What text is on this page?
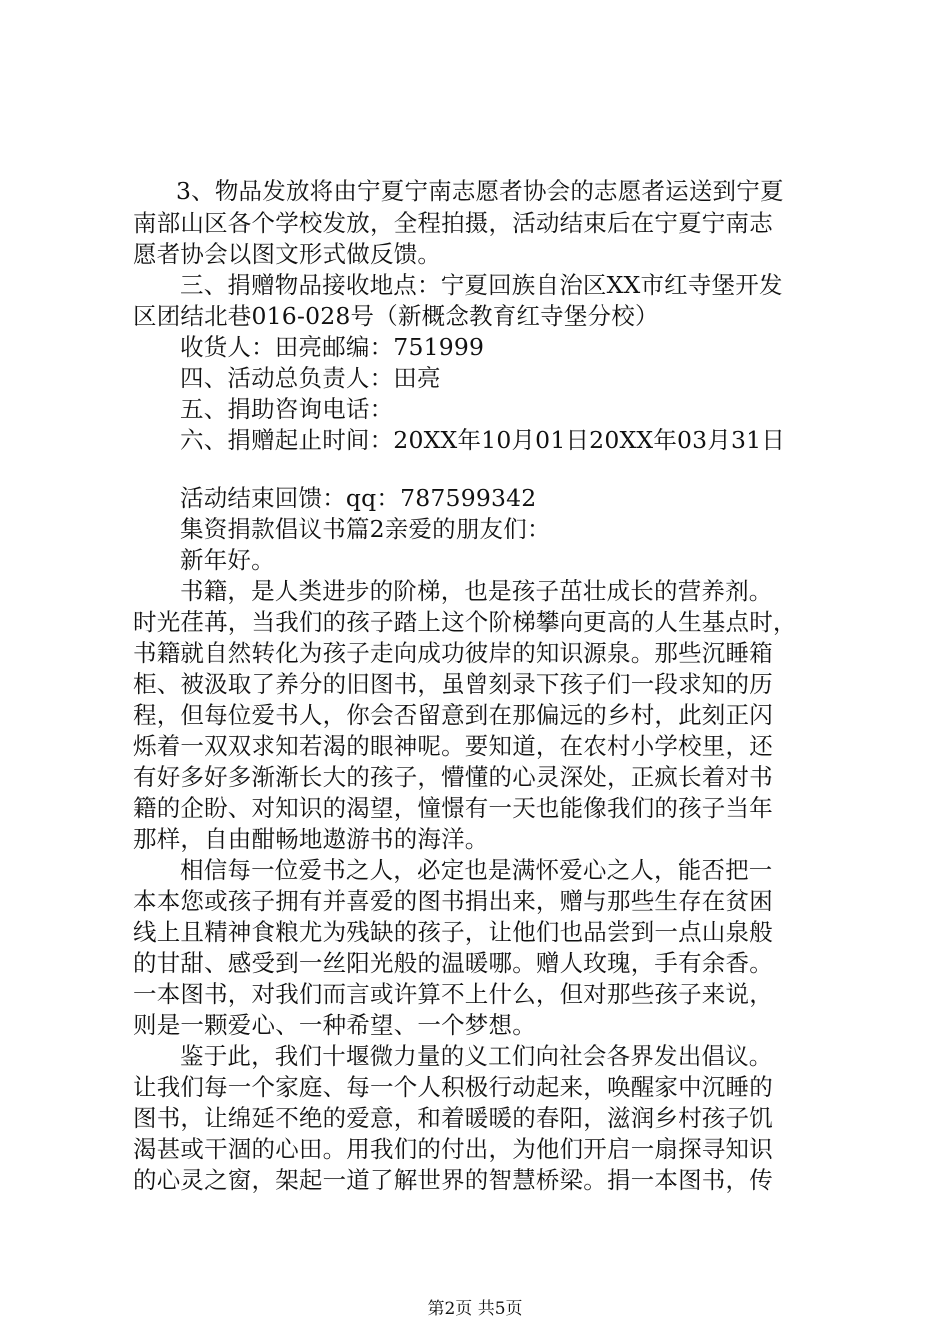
3、物品发放将由宁夏宁南志愿者协会的志愿者运送到宁夏
南部山区各个学校发放，全程拍摄，活动结束后在宁夏宁南志
愿者协会以图文形式做反馈。
三、捐赠物品接收地点：宁夏回族自治区XX市红寺堡开发
区团结北巷016-028号（新概念教育红寺堡分校）
收货人：田亮邮编：751999
四、活动总负责人：田亮
五、捐助咨询电话：
六、捐赠起止时间：20XX年10月01日20XX年03月31日
活动结束回馈：qq：787599342
集资捐款倡议书篇2亲爱的朋友们：
新年好。
书籍，是人类进步的阶梯，也是孩子茁壮成长的营养剂。
时光荏苒，当我们的孩子踏上这个阶梯攀向更高的人生基点时，
书籍就自然转化为孩子走向成功彼岸的知识源泉。那些沉睡箱
柜、被汲取了养分的旧图书，虽曾刻录下孩子们一段求知的历
程，但每位爱书人，你会否留意到在那偏远的乡村，此刻正闪
烁着一双双求知若渴的眼神呢。要知道，在农村小学校里，还
有好多好多渐渐长大的孩子，懵懂的心灵深处，正疯长着对书
籍的企盼、对知识的渴望，憧憬有一天也能像我们的孩子当年
那样，自由酣畅地遨游书的海洋。
相信每一位爱书之人，必定也是满怀爱心之人，能否把一
本本您或孩子拥有并喜爱的图书捐出来，赠与那些生存在贫困
线上且精神食粮尤为残缺的孩子，让他们也品尝到一点山泉般
的甘甜、感受到一丝阳光般的温暖哪。赠人玫瑰，手有余香。
一本图书，对我们而言或许算不上什么，但对那些孩子来说，
则是一颗爱心、一种希望、一个梦想。
鉴于此，我们十堰微力量的义工们向社会各界发出倡议。
让我们每一个家庭、每一个人积极行动起来，唤醒家中沉睡的
图书，让绵延不绝的爱意，和着暖暖的春阳，滋润乡村孩子饥
渴甚或干涸的心田。用我们的付出，为他们开启一扇探寻知识
的心灵之窗，架起一道了解世界的智慧桥梁。捐一本图书，传
第2页 共5页
